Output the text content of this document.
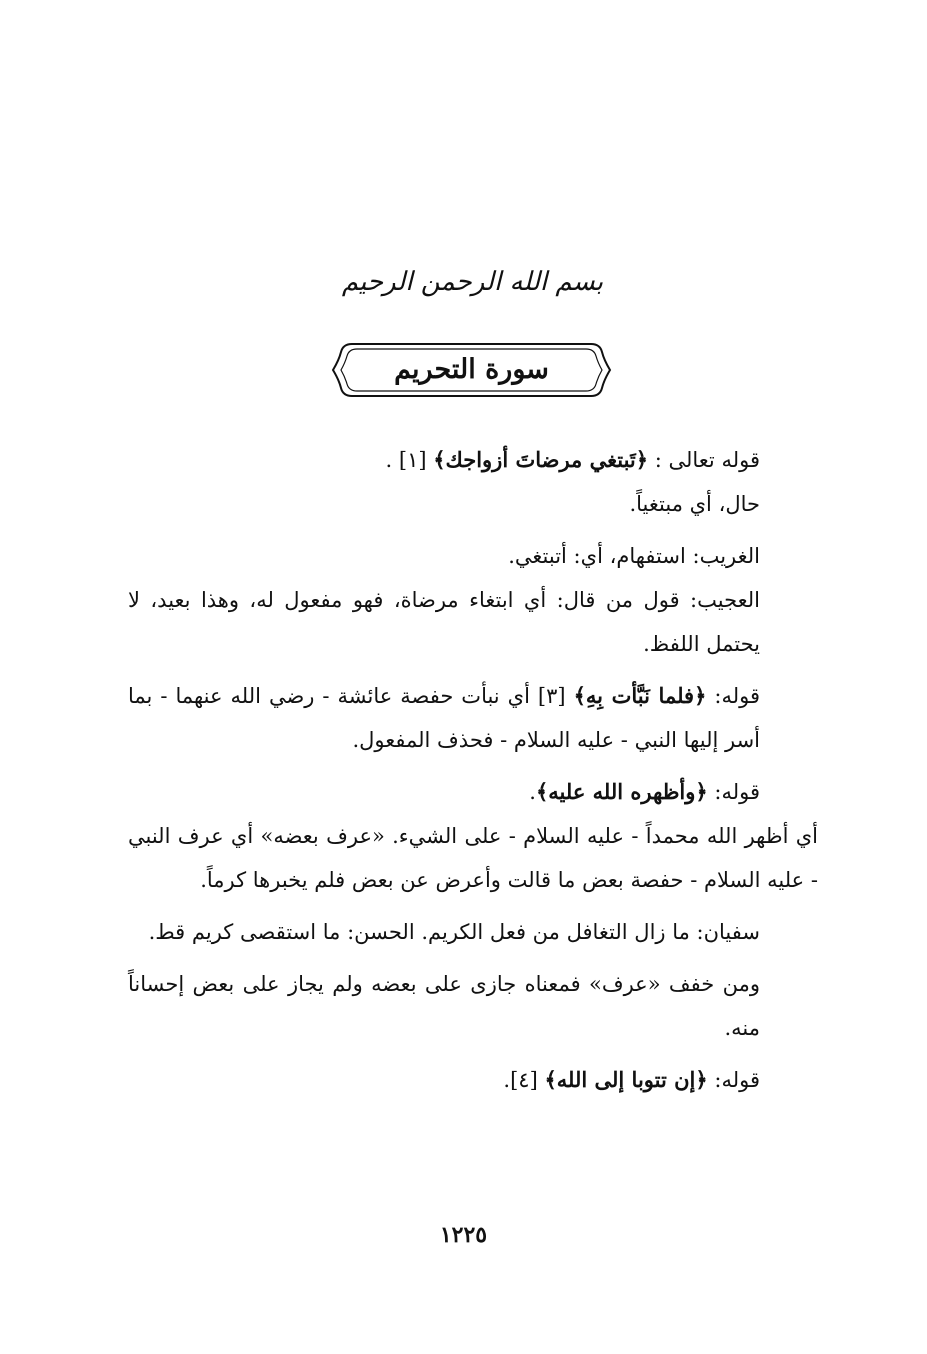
بسم الله الرحمن الرحيم
سورة التحريم

قوله تعالى : ﴿تَبتغي مرضاتَ أزواجك﴾ [١] .

حال، أي مبتغياً.

الغريب: استفهام، أي: أتبتغي.

العجيب: قول من قال: أي ابتغاء مرضاة، فهو مفعول له، وهذا بعيد، لا يحتمل اللفظ.

قوله: ﴿فلما نَبَّأت بِهِ﴾ [٣] أي نبأت حفصة عائشة - رضي الله عنهما - بما أسر إليها النبي - عليه السلام - فحذف المفعول.

قوله: ﴿وأظهره الله عليه﴾.

أي أظهر الله محمداً - عليه السلام - على الشيء. «عرف بعضه» أي عرف النبي - عليه السلام - حفصة بعض ما قالت وأعرض عن بعض فلم يخبرها كرماً.

سفيان: ما زال التغافل من فعل الكريم. الحسن: ما استقصى كريم قط.

ومن خفف «عرف» فمعناه جازى على بعضه ولم يجاز على بعض إحساناً منه.

قوله: ﴿إن تتوبا إلى الله﴾ [٤].

١٢٢٥
